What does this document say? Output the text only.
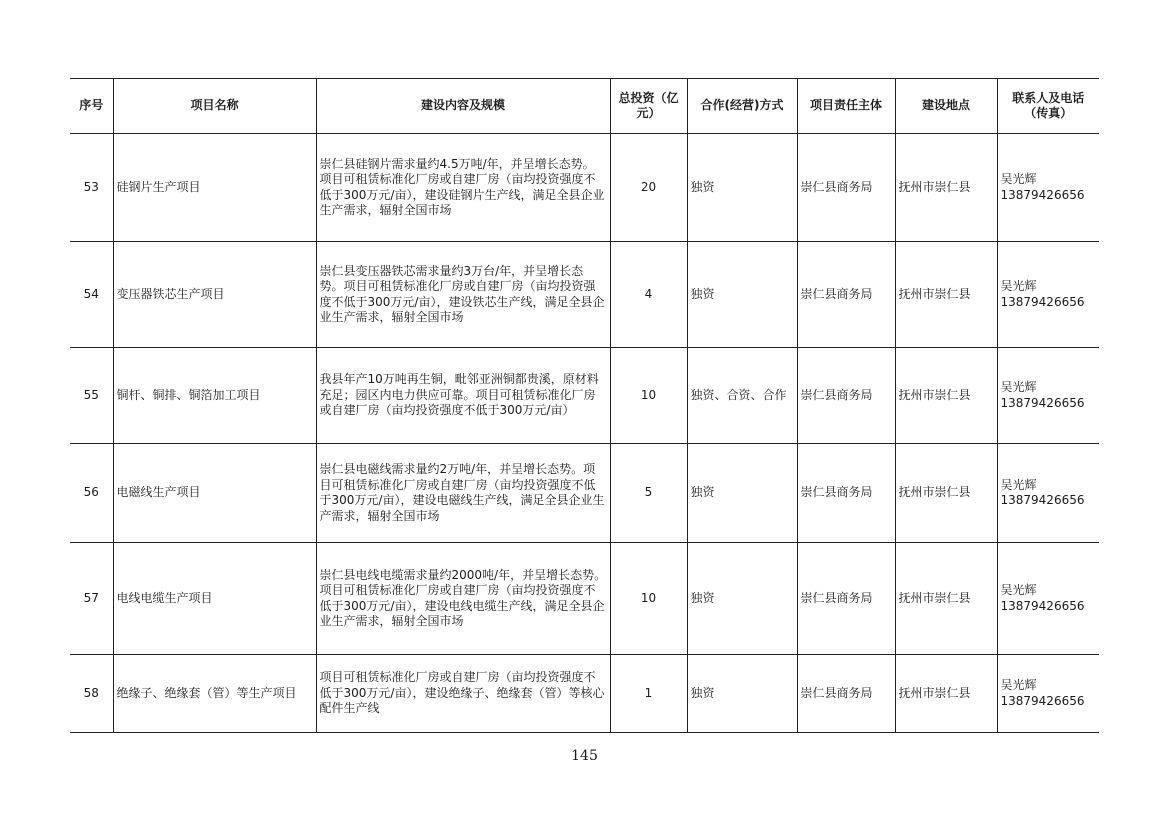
序号	项目名称	建设内容及规模	总投资（亿元）	合作(经营)方式	项目责任主体	建设地点	联系人及电话（传真）
53	硅钢片生产项目	崇仁县硅钢片需求量约4.5万吨/年，并呈增长态势。项目可租赁标准化厂房或自建厂房（亩均投资强度不低于300万元/亩），建设硅钢片生产线，满足全县企业生产需求，辐射全国市场	20	独资	崇仁县商务局	抚州市崇仁县	吴光辉
13879426656

54	变压器铁芯生产项目	崇仁县变压器铁芯需求量约3万台/年，并呈增长态势。项目可租赁标准化厂房或自建厂房（亩均投资强度不低于300万元/亩），建设铁芯生产线，满足全县企业生产需求，辐射全国市场	4	独资	崇仁县商务局	抚州市崇仁县	吴光辉
13879426656

55	铜杆、铜排、铜箔加工项目	我县年产10万吨再生铜，毗邻亚洲铜都贵溪，原材料充足；园区内电力供应可靠。项目可租赁标准化厂房或自建厂房（亩均投资强度不低于300万元/亩）	10	独资、合资、合作	崇仁县商务局	抚州市崇仁县	吴光辉
13879426656

56	电磁线生产项目	崇仁县电磁线需求量约2万吨/年，并呈增长态势。项目可租赁标准化厂房或自建厂房（亩均投资强度不低于300万元/亩），建设电磁线生产线，满足全县企业生产需求，辐射全国市场	5	独资	崇仁县商务局	抚州市崇仁县	吴光辉
13879426656

57	电线电缆生产项目	崇仁县电线电缆需求量约2000吨/年，并呈增长态势。项目可租赁标准化厂房或自建厂房（亩均投资强度不低于300万元/亩），建设电线电缆生产线，满足全县企业生产需求，辐射全国市场	10	独资	崇仁县商务局	抚州市崇仁县	吴光辉
13879426656

58	绝缘子、绝缘套（管）等生产项目	项目可租赁标准化厂房或自建厂房（亩均投资强度不低于300万元/亩），建设绝缘子、绝缘套（管）等核心配件生产线	1	独资	崇仁县商务局	抚州市崇仁县	吴光辉
13879426656
145
